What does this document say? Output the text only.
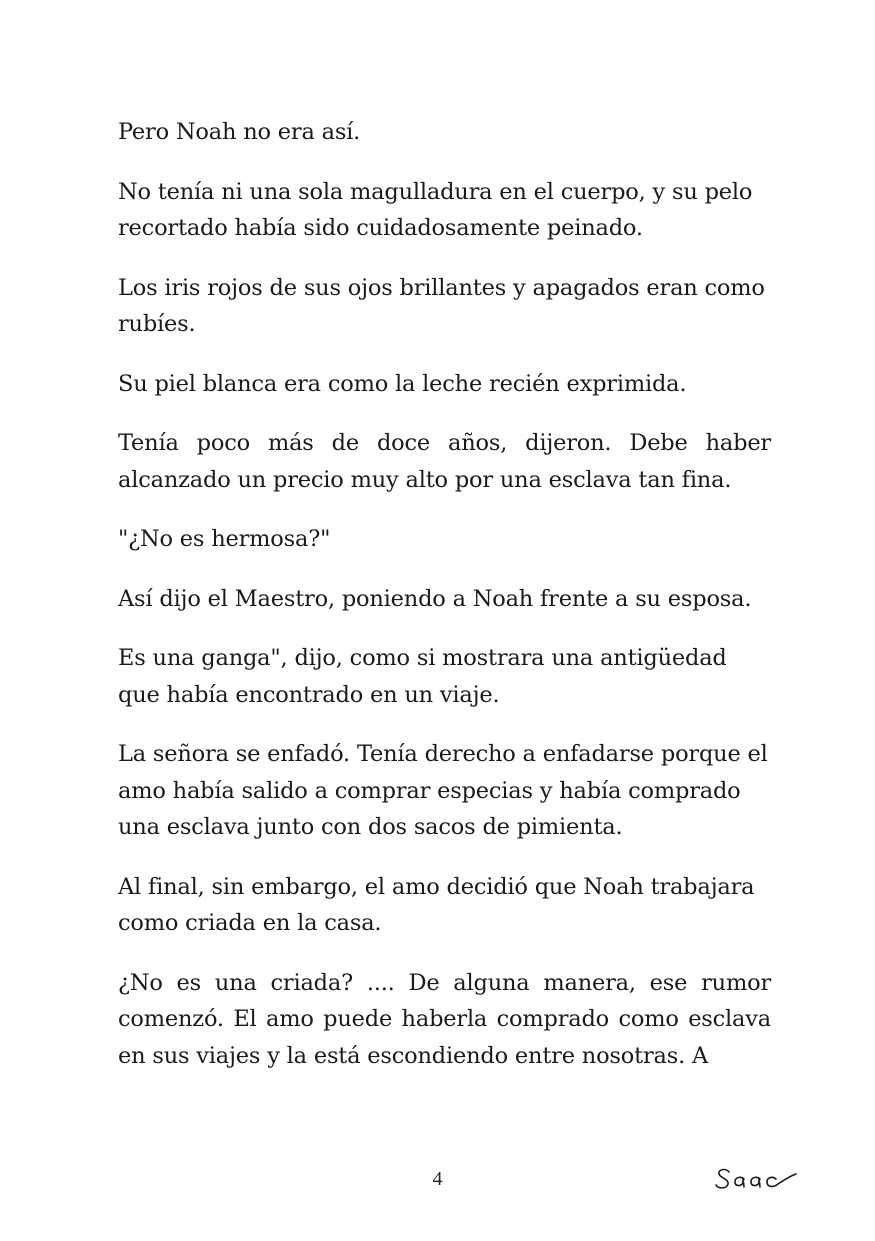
Pero Noah no era así.

No tenía ni una sola magulladura en el cuerpo, y su pelo recortado había sido cuidadosamente peinado.

Los iris rojos de sus ojos brillantes y apagados eran como rubíes.

Su piel blanca era como la leche recién exprimida.

Tenía poco más de doce años, dijeron. Debe haber alcanzado un precio muy alto por una esclava tan fina.

"¿No es hermosa?"

Así dijo el Maestro, poniendo a Noah frente a su esposa.

Es una ganga", dijo, como si mostrara una antigüedad que había encontrado en un viaje.

La señora se enfadó. Tenía derecho a enfadarse porque el amo había salido a comprar especias y había comprado una esclava junto con dos sacos de pimienta.

Al final, sin embargo, el amo decidió que Noah trabajara como criada en la casa.

¿No es una criada? .... De alguna manera, ese rumor comenzó. El amo puede haberla comprado como esclava en sus viajes y la está escondiendo entre nosotras. A

4
